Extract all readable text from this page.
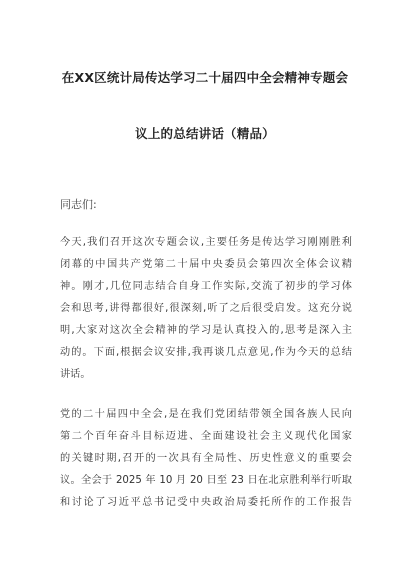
在XX区统计局传达学习二十届四中全会精神专题会
议上的总结讲话（精品）
同志们:
今天,我们召开这次专题会议,主要任务是传达学习刚刚胜利
闭幕的中国共产党第二十届中央委员会第四次全体会议精
神。刚才,几位同志结合自身工作实际,交流了初步的学习体
会和思考,讲得都很好,很深刻,听了之后很受启发。这充分说
明,大家对这次全会精神的学习是认真投入的,思考是深入主
动的。下面,根据会议安排,我再谈几点意见,作为今天的总结
讲话。
党的二十届四中全会,是在我们党团结带领全国各族人民向
第二个百年奋斗目标迈进、全面建设社会主义现代化国家
的关键时期,召开的一次具有全局性、历史性意义的重要会
议。全会于 2025 年 10 月 20 日至 23 日在北京胜利举行听取
和讨论了习近平总书记受中央政治局委托所作的工作报告
